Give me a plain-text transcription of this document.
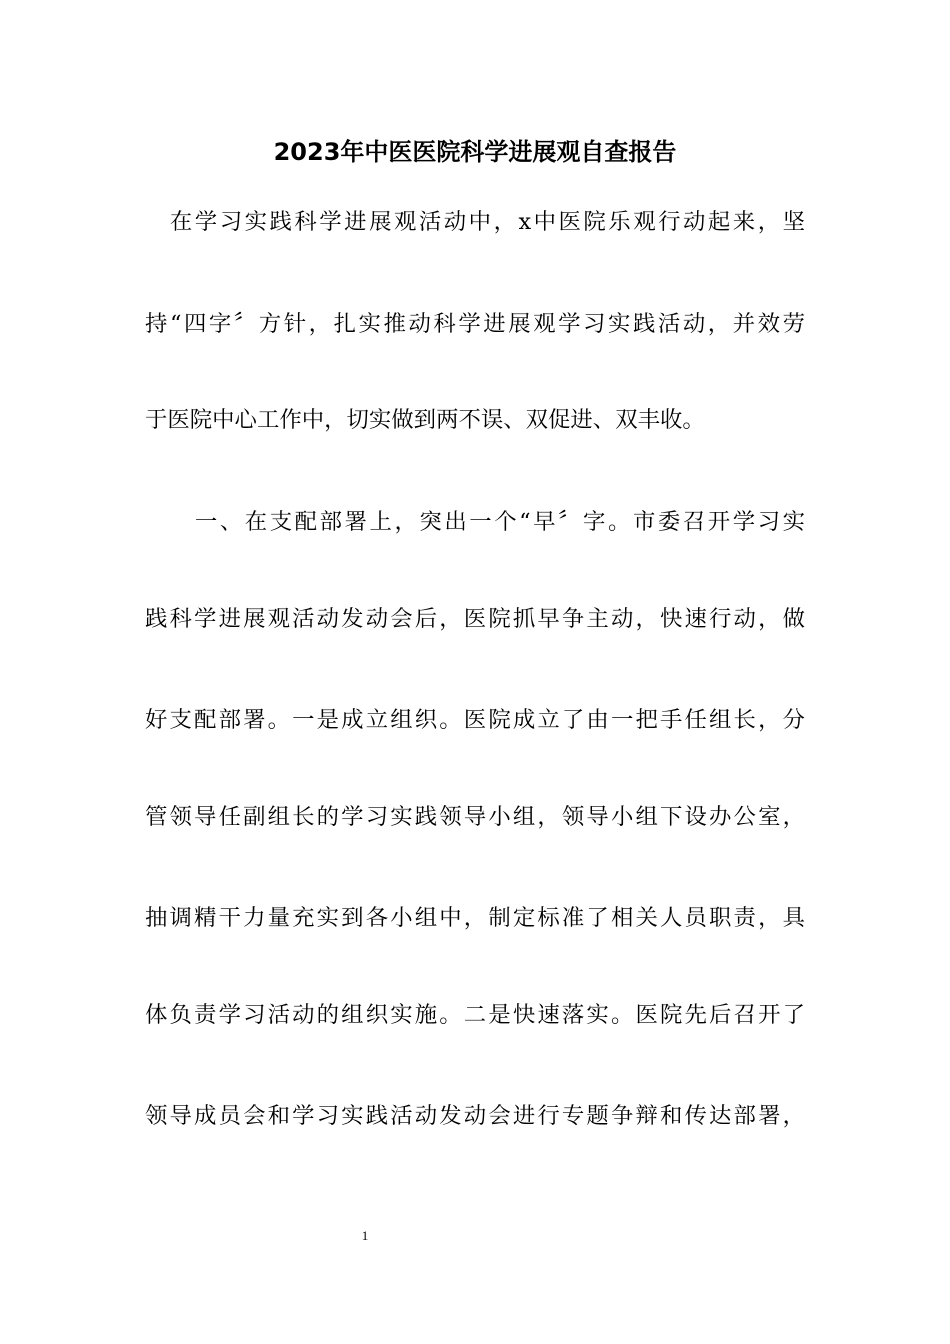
2023年中医医院科学进展观自查报告

　在学习实践科学进展观活动中，x中医院乐观行动起来，坚

持“四字〞方针，扎实推动科学进展观学习实践活动，并效劳

于医院中心工作中，切实做到两不误、双促进、双丰收。

　　一、在支配部署上，突出一个“早〞字。市委召开学习实

践科学进展观活动发动会后，医院抓早争主动，快速行动，做

好支配部署。一是成立组织。医院成立了由一把手任组长，分

管领导任副组长的学习实践领导小组，领导小组下设办公室，

抽调精干力量充实到各小组中，制定标准了相关人员职责，具

体负责学习活动的组织实施。二是快速落实。医院先后召开了

领导成员会和学习实践活动发动会进行专题争辩和传达部署，

1
